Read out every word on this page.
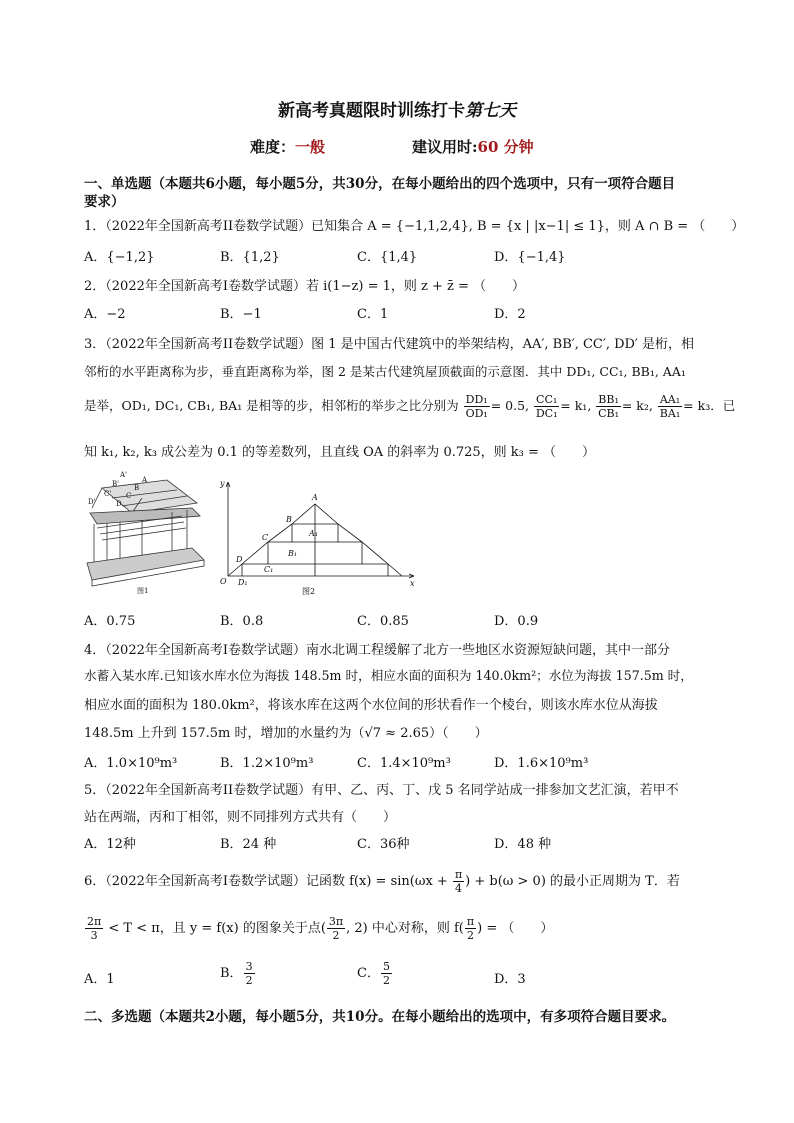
新高考真题限时训练打卡第七天
难度：一般	建议用时:60 分钟
一、单选题（本题共6小题，每小题5分，共30分，在每小题给出的四个选项中，只有一项符合题目
要求）
1．（2022年全国新高考II卷数学试题）已知集合 A = {−1,1,2,4}, B = {x | |x−1| ≤ 1}，则 A ∩ B = （　　）
A．{−1,2}	B．{1,2}	C．{1,4}	D．{−1,4}
2．（2022年全国新高考I卷数学试题）若 i(1−z) = 1，则 z + z̄ = （　　）
A．−2	B．−1	C．1	D．2
3．（2022年全国新高考II卷数学试题）图 1 是中国古代建筑中的举架结构，AA′, BB′, CC′, DD′ 是桁，相
邻桁的水平距离称为步，垂直距离称为举，图 2 是某古代建筑屋顶截面的示意图．其中 DD₁, CC₁, BB₁, AA₁
是举，OD₁, DC₁, CB₁, BA₁ 是相等的步，相邻桁的举步之比分别为 $\frac{\text{DD₁}}{\text{OD₁}} = 0.5$, $\frac{\text{CC₁}}{\text{DC₁}} = k_1$, $\frac{\text{BB₁}}{\text{CB₁}} = k_2$, $\frac{\text{AA₁}}{\text{BA₁}} = k_3$．已
知 k₁, k₂, k₃ 成公差为 0.1 的等差数列，且直线 OA 的斜率为 0.725，则 k₃ = （　　）
A'
B'
C'
D'
A
B
C
D
图1
y
x
O
A
B
C
D
A₁
B₁
C₁
D₁
图2
A．0.75	B．0.8	C．0.85	D．0.9
4．（2022年全国新高考I卷数学试题）南水北调工程缓解了北方一些地区水资源短缺问题，其中一部分
水蓄入某水库.已知该水库水位为海拔 148.5m 时，相应水面的面积为 140.0km²；水位为海拔 157.5m 时，
相应水面的面积为 180.0km²，将该水库在这两个水位间的形状看作一个棱台，则该水库水位从海拔
148.5m 上升到 157.5m 时，增加的水量约为（√7 ≈ 2.65）（　　）
A．1.0×10⁹m³	B．1.2×10⁹m³	C．1.4×10⁹m³	D．1.6×10⁹m³
5．（2022年全国新高考II卷数学试题）有甲、乙、丙、丁、戊 5 名同学站成一排参加文艺汇演，若甲不
站在两端，丙和丁相邻，则不同排列方式共有（　　）
A．12种	B．24 种	C．36种	D．48 种
6．（2022年全国新高考I卷数学试题）记函数 $f(x) = \sin(\omega x + \frac{\pi}{4}$ ) + b(ω > 0) 的最小正周期为 T．若
$\frac{2\pi}{3} < T < \pi$，且 y = f(x) 的图象关于点( $\frac{3\pi}{2}$ , 2) 中心对称，则 $f( \frac{\pi}{2}$ ) = （　　）
A．1	B． $\frac{3}{2}$	C． $\frac{5}{2}$	D．3
二、多选题（本题共2小题，每小题5分，共10分。在每小题给出的选项中，有多项符合题目要求。
